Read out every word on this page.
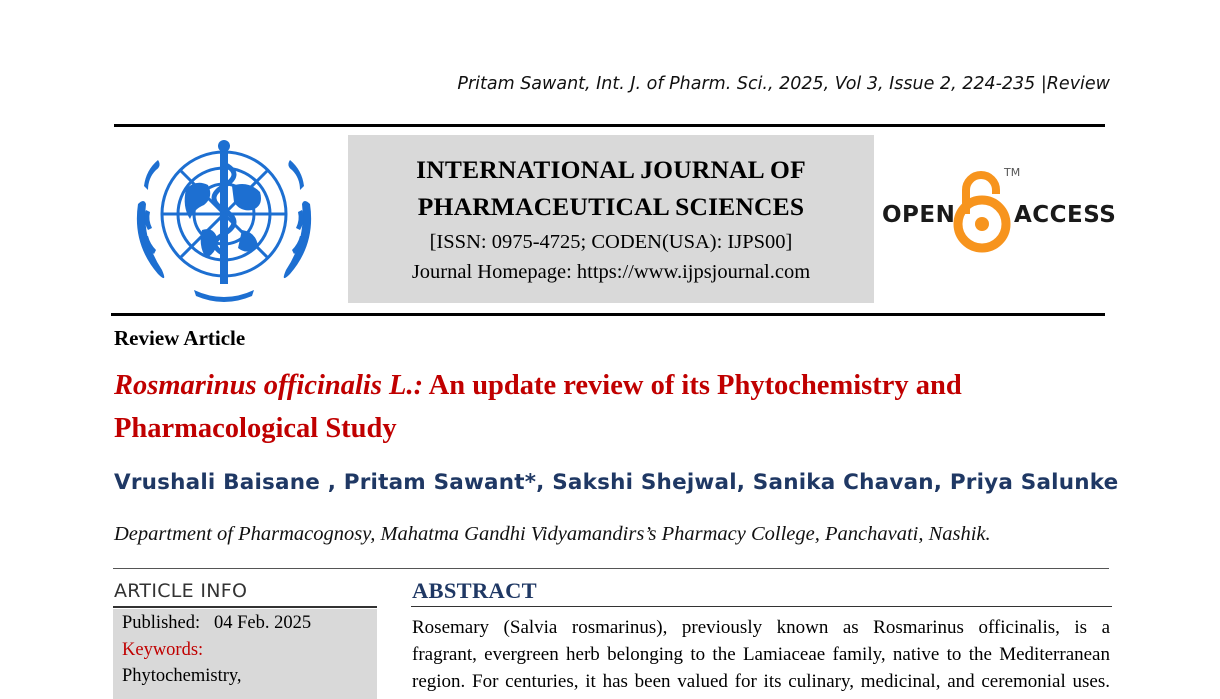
Pritam Sawant, Int. J. of Pharm. Sci., 2025, Vol 3, Issue 2, 224-235 |Review
INTERNATIONAL JOURNAL OF
PHARMACEUTICAL SCIENCES
[ISSN: 0975-4725; CODEN(USA): IJPS00]
Journal Homepage: https://www.ijpsjournal.com
OPEN
TM
ACCESS
Review Article
Rosmarinus officinalis L.: An update review of its Phytochemistry and Pharmacological Study
Vrushali Baisane , Pritam Sawant*, Sakshi Shejwal, Sanika Chavan, Priya Salunke
Department of Pharmacognosy, Mahatma Gandhi Vidyamandirs’s Pharmacy College, Panchavati, Nashik.
ARTICLE INFO
Published: 04 Feb. 2025
Keywords:
Phytochemistry,
ABSTRACT
Rosemary (Salvia rosmarinus), previously known as Rosmarinus officinalis, is a
fragrant, evergreen herb belonging to the Lamiaceae family, native to the Mediterranean
region. For centuries, it has been valued for its culinary, medicinal, and ceremonial uses.
